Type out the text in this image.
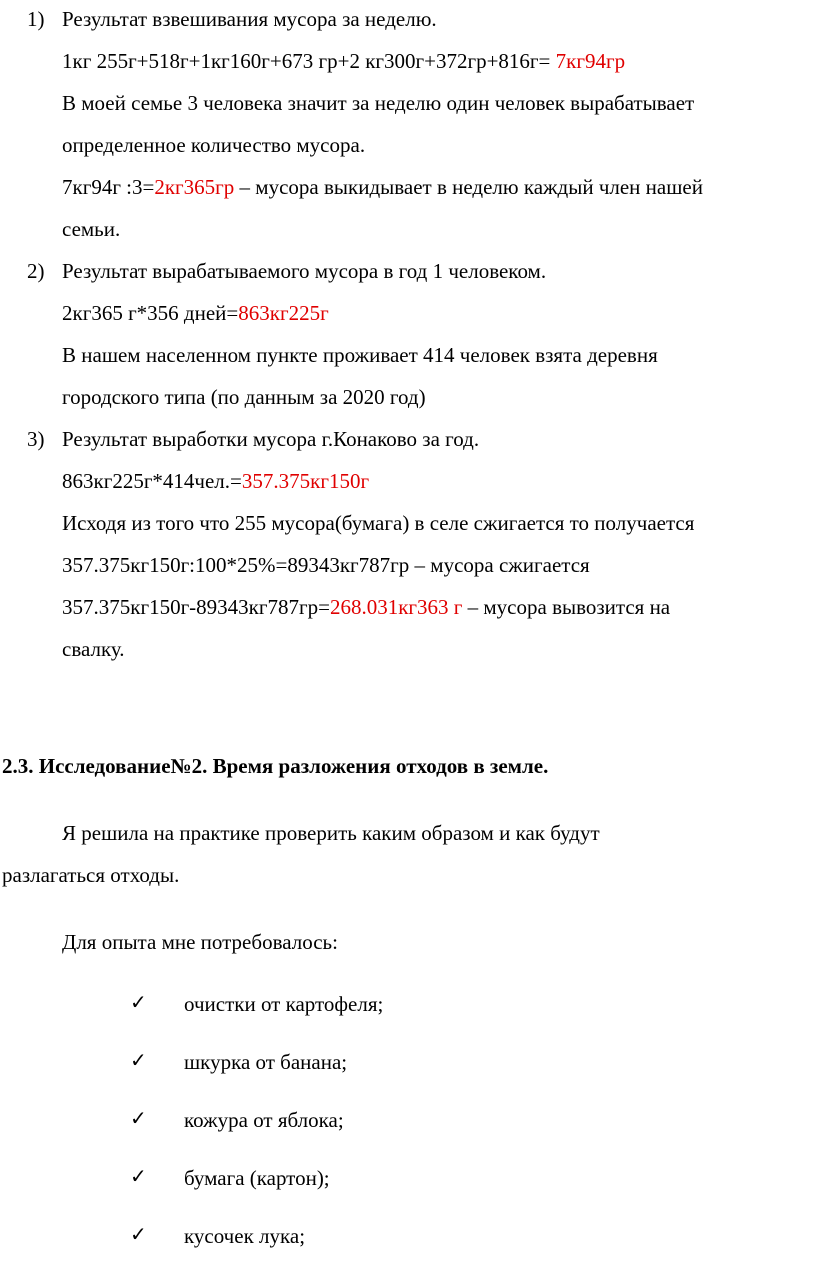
1) Результат взвешивания мусора за неделю.
1кг 255г+518г+1кг160г+673 гр+2 кг300г+372гр+816г= 7кг94гр
В моей семье 3 человека значит за неделю один человек вырабатывает
определенное количество мусора.
7кг94г :3=2кг365гр – мусора выкидывает в неделю каждый член нашей
семьи.
2) Результат вырабатываемого мусора в год 1 человеком.
2кг365 г*356 дней=863кг225г
В нашем населенном пункте проживает 414 человек взята деревня
городского типа (по данным за 2020 год)
3) Результат выработки мусора г.Конаково за год.
863кг225г*414чел.=357.375кг150г
Исходя из того что 255 мусора(бумага) в селе сжигается то получается
357.375кг150г:100*25%=89343кг787гр – мусора сжигается
357.375кг150г-89343кг787гр=268.031кг363 г – мусора вывозится на
свалку.
2.3. Исследование№2. Время разложения отходов в земле.
Я решила на практике проверить каким образом и как будут
разлагаться отходы.
Для опыта мне потребовалось:
✓ очистки от картофеля;
✓ шкурка от банана;
✓ кожура от яблока;
✓ бумага (картон);
✓ кусочек лука;
